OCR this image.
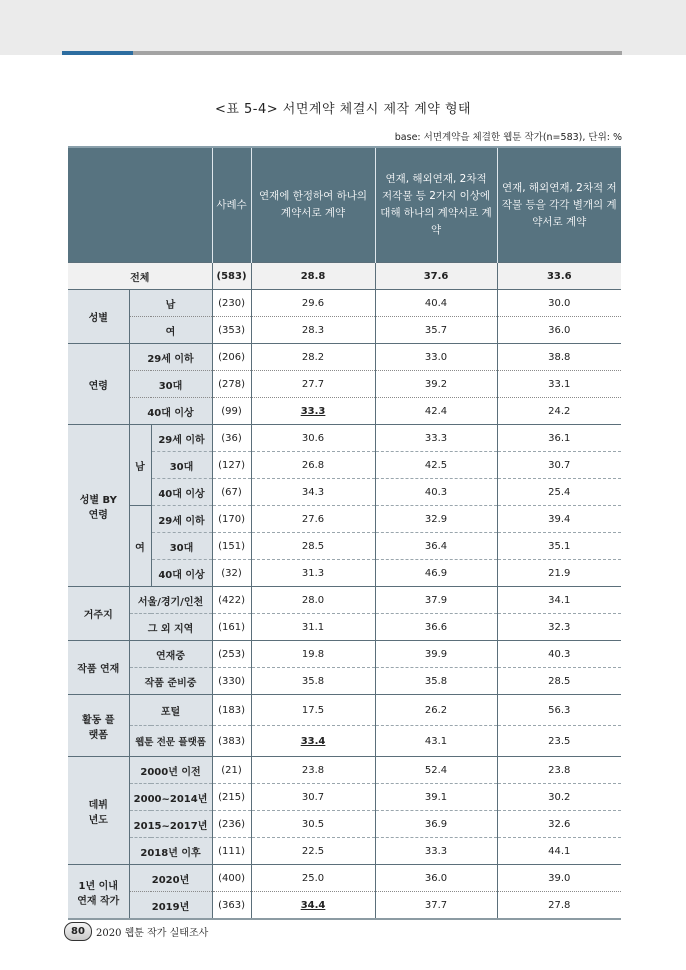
<표 5-4> 서면계약 체결시 제작 계약 형태
base: 서면계약을 체결한 웹툰 작가(n=583), 단위: %
			사례수	연재에 한정하여 하나의 계약서로 계약	연재, 해외연재, 2차적 저작물 등 2가지 이상에 대해 하나의 계약서로 계약	연재, 해외연재, 2차적 저작물 등을 각각 별개의 계약서로 계약
전체			(583)	28.8	37.6	33.6
성별	남		(230)	29.6	40.4	30.0
	여		(353)	28.3	35.7	36.0
연령	29세 이하		(206)	28.2	33.0	38.8
	30대		(278)	27.7	39.2	33.1
	40대 이상		(99)	33.3	42.4	24.2
성별 BY 연령	남	29세 이하	(36)	30.6	33.3	36.1
		30대	(127)	26.8	42.5	30.7
		40대 이상	(67)	34.3	40.3	25.4
	여	29세 이하	(170)	27.6	32.9	39.4
		30대	(151)	28.5	36.4	35.1
		40대 이상	(32)	31.3	46.9	21.9
거주지	서울/경기/인천		(422)	28.0	37.9	34.1
	그 외 지역		(161)	31.1	36.6	32.3
작품 연재	연재중		(253)	19.8	39.9	40.3
	작품 준비중		(330)	35.8	35.8	28.5
활동 플랫폼	포털		(183)	17.5	26.2	56.3
	웹툰 전문 플랫폼		(383)	33.4	43.1	23.5
데뷔 년도	2000년 이전		(21)	23.8	52.4	23.8
	2000~2014년		(215)	30.7	39.1	30.2
	2015~2017년		(236)	30.5	36.9	32.6
	2018년 이후		(111)	22.5	33.3	44.1
1년 이내 연재 작가	2020년		(400)	25.0	36.0	39.0
	2019년		(363)	34.4	37.7	27.8
80	2020 웹툰 작가 실태조사
